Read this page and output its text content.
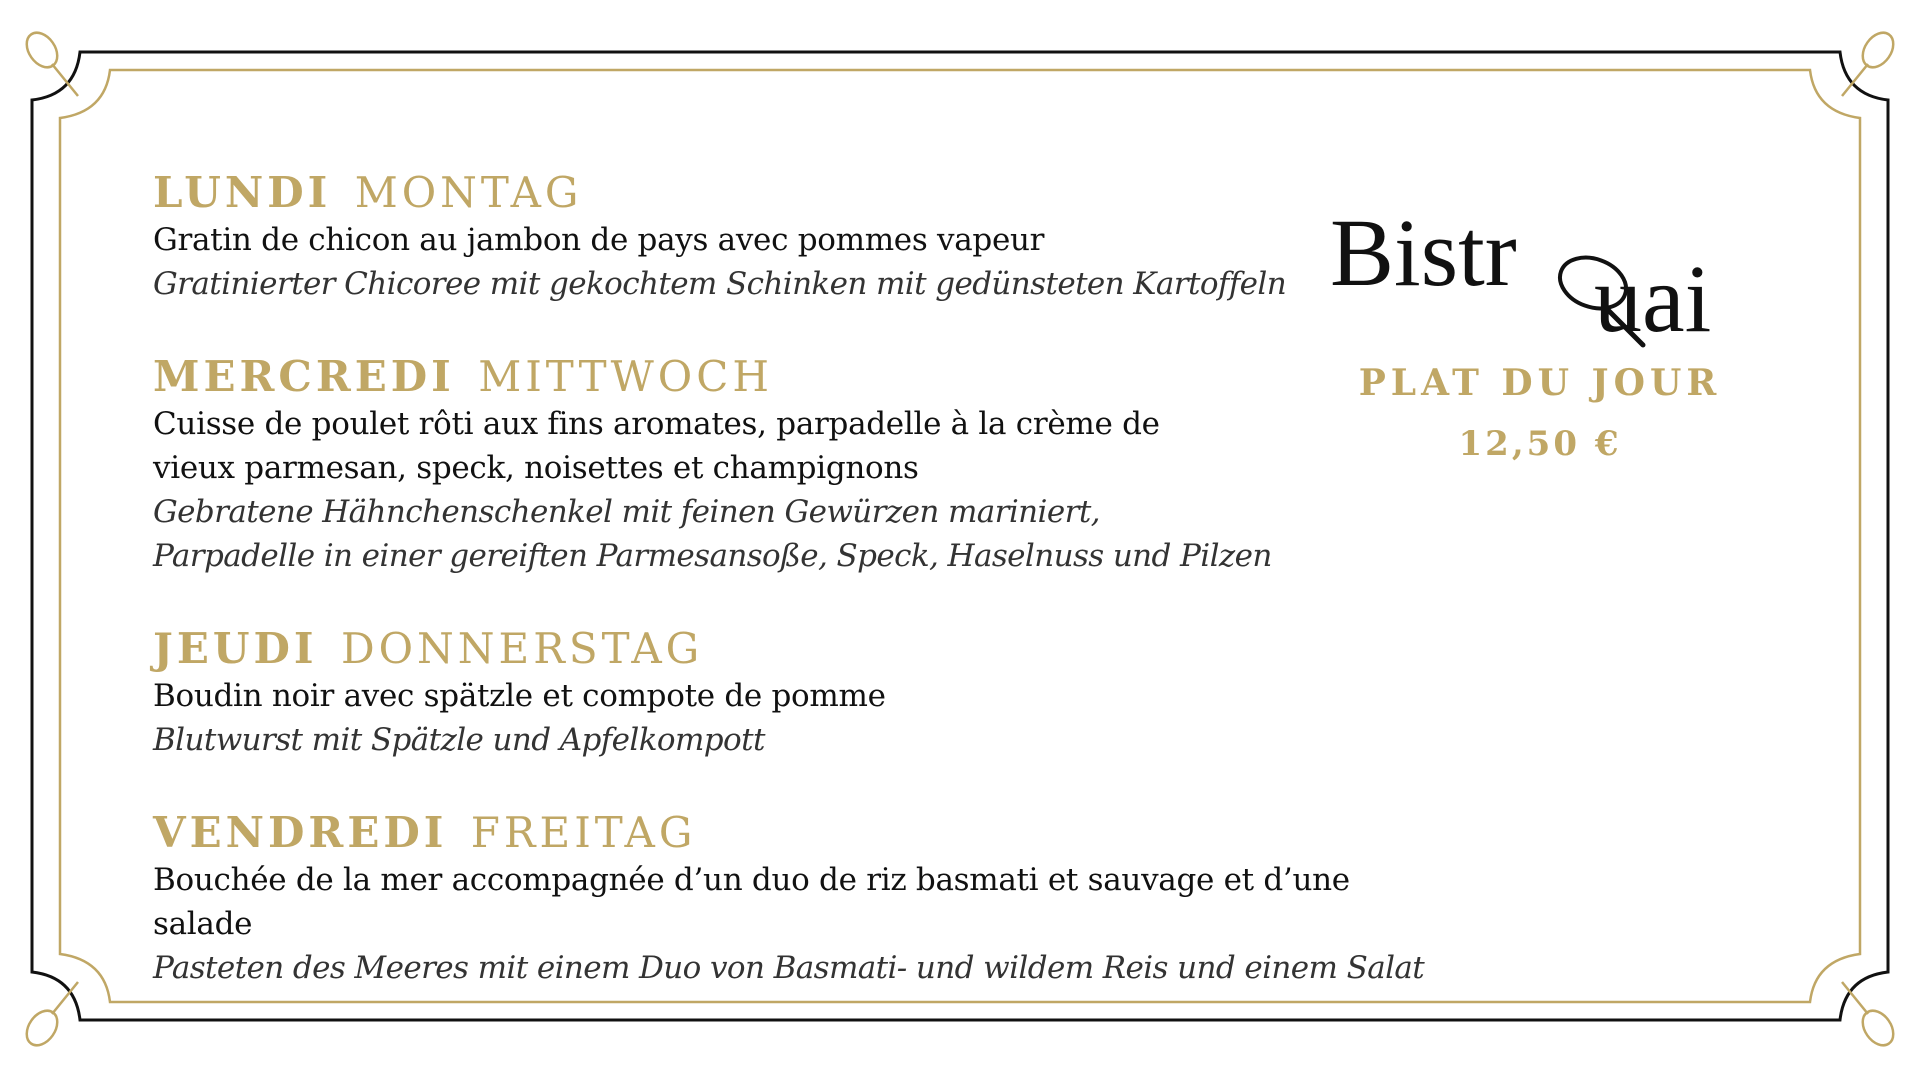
LUNDI MONTAG
Gratin de chicon au jambon de pays avec pommes vapeur
Gratinierter Chicoree mit gekochtem Schinken mit gedünsteten Kartoffeln
MERCREDI MITTWOCH
Cuisse de poulet rôti aux fins aromates, parpadelle à la crème de
vieux parmesan, speck, noisettes et champignons
Gebratene Hähnchenschenkel mit feinen Gewürzen mariniert,
Parpadelle in einer gereiften Parmesansoße, Speck, Haselnuss und Pilzen
JEUDI DONNERSTAG
Boudin noir avec spätzle et compote de pomme
Blutwurst mit Spätzle und Apfelkompott
VENDREDI FREITAG
Bouchée de la mer accompagnée d’un duo de riz basmati et sauvage et d’une salade
Pasteten des Meeres mit einem Duo von Basmati- und wildem Reis und einem Salat
Bistr uai
PLAT DU JOUR
12,50 €
